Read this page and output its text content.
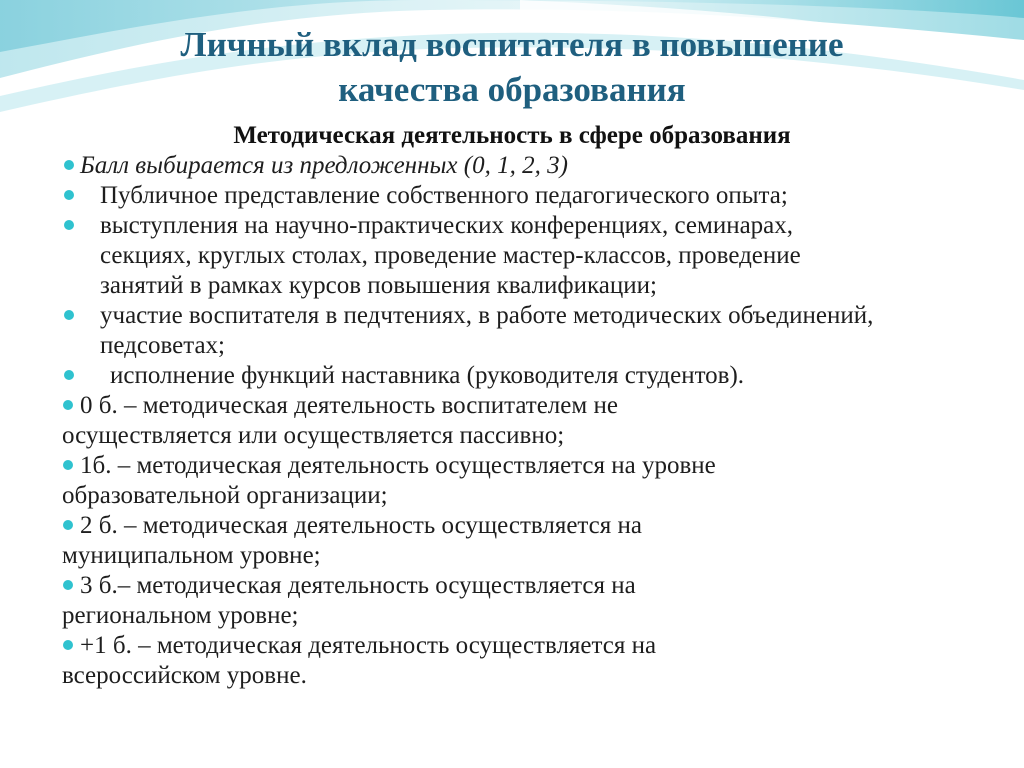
Личный вклад воспитателя в повышение
качества образования
Методическая деятельность в сфере образования
Балл выбирается из предложенных (0, 1, 2, 3)
Публичное представление собственного педагогического опыта;
выступления на научно-практических конференциях, семинарах, секциях, круглых столах, проведение мастер-классов, проведение занятий в рамках курсов повышения квалификации;
участие воспитателя в педчтениях, в работе методических объединений, педсоветах;
исполнение функций наставника (руководителя студентов).
0 б. – методическая деятельность воспитателем не
осуществляется или осуществляется пассивно;
1б. – методическая деятельность осуществляется на уровне
образовательной организации;
2 б. – методическая деятельность осуществляется на
муниципальном уровне;
3 б.– методическая деятельность осуществляется на
региональном уровне;
+1 б. – методическая деятельность осуществляется на
всероссийском уровне.
